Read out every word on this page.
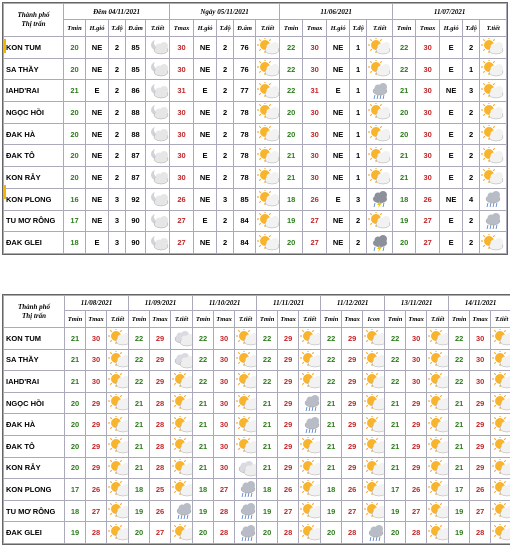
Thành phố
Thị trấn	Đêm 04/11/2021					Ngày 05/11/2021					11/06/2021					11/07/2021				
	Tmin	H.gió	T.độ	Đ.ẩm	T.tiết	Tmax	H.gió	T.độ	Đ.ẩm	T.tiết	Tmin	Tmax	H.gió	T.độ	T.tiết	Tmin	Tmax	H.gió	T.độ	T.tiết
KON TUM	20	NE	2	85		30	NE	2	76		22	30	NE	1		22	30	E	2	

SA THẦY	20	NE	2	85		30	NE	2	76		22	30	NE	1		22	30	E	1	

IAHD'RAI	21	E	2	86		31	E	2	77		22	31	E	1		21	30	NE	3	

NGỌC HỒI	20	NE	2	88		30	NE	2	78		20	30	NE	1		20	30	E	2	

ĐAK HÀ	20	NE	2	88		30	NE	2	78		20	30	NE	1		20	30	E	2	

ĐAK TÔ	20	NE	2	87		30	E	2	78		21	30	NE	1		21	30	E	2	

KON RẪY	20	NE	2	87		30	NE	2	78		21	30	NE	1		21	30	E	2	

KON PLONG	16	NE	3	92		26	NE	3	85		18	26	E	3		18	26	NE	4	

TU MƠ RÔNG	17	NE	3	90		27	E	2	84		19	27	NE	2		19	27	E	2	

ĐAK GLEI	18	E	3	90		27	NE	2	84		20	27	NE	2		20	27	E	2	
Thành phố
Thị trấn	11/08/2021			11/09/2021			11/10/2021			11/11/2021			11/12/2021			13/11/2021			14/11/2021		
	Tmin	Tmax	T.tiết	Tmin	Tmax	T.tiết	Tmin	Tmax	T.tiết	Tmin	Tmax	T.tiết	Tmin	Tmax	Icon	Tmin	Tmax	T.tiết	Tmin	Tmax	T.tiết
KON TUM	21	30		22	29		22	30		22	29		22	29		22	30		22	30	

SA THẦY	21	30		22	29		22	30		22	29		22	29		22	30		22	30	

IAHD'RAI	21	30		22	29		22	30		22	29		22	29		22	30		22	30	

NGỌC HỒI	20	29		21	28		21	30		21	29		21	29		21	29		21	29	

ĐAK HÀ	20	29		21	28		21	30		21	29		21	29		21	29		21	29	

ĐAK TÔ	20	29		21	28		21	30		21	29		21	29		21	29		21	29	

KON RẪY	20	29		21	28		21	30		21	29		21	29		21	29		21	29	

KON PLONG	17	26		18	25		18	27		18	26		18	26		17	26		17	26	

TU MƠ RÔNG	18	27		19	26		19	28		19	27		19	27		19	27		19	27	

ĐAK GLEI	19	28		20	27		20	28		20	28		20	28		20	28		19	28	
